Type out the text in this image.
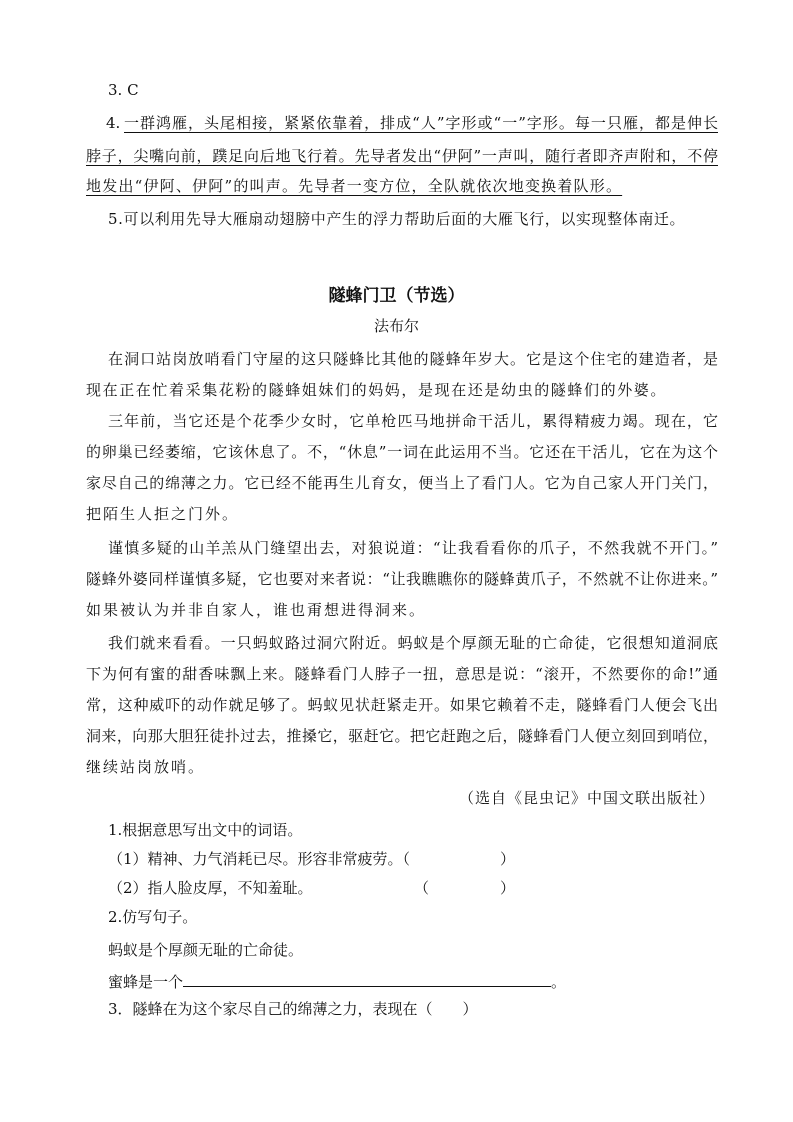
3. C
4. 一群鸿雁，头尾相接，紧紧依靠着，排成“人”字形或“一”字形。每一只雁，都是伸长
脖子，尖嘴向前，蹼足向后地飞行着。先导者发出“伊阿”一声叫，随行者即齐声附和，不停
地发出“伊阿、伊阿”的叫声。先导者一变方位，全队就依次地变换着队形。
5.可以利用先导大雁扇动翅膀中产生的浮力帮助后面的大雁飞行，以实现整体南迁。
隧蜂门卫（节选）
法布尔
在洞口站岗放哨看门守屋的这只隧蜂比其他的隧蜂年岁大。它是这个住宅的建造者，是
现在正在忙着采集花粉的隧蜂姐妹们的妈妈，是现在还是幼虫的隧蜂们的外婆。
三年前，当它还是个花季少女时，它单枪匹马地拼命干活儿，累得精疲力竭。现在，它
的卵巢已经萎缩，它该休息了。不，“休息”一词在此运用不当。它还在干活儿，它在为这个
家尽自己的绵薄之力。它已经不能再生儿育女，便当上了看门人。它为自己家人开门关门，
把陌生人拒之门外。
谨慎多疑的山羊羔从门缝望出去，对狼说道：“让我看看你的爪子，不然我就不开门。”
隧蜂外婆同样谨慎多疑，它也要对来者说：“让我瞧瞧你的隧蜂黄爪子，不然就不让你进来。”
如果被认为并非自家人，谁也甭想进得洞来。
我们就来看看。一只蚂蚁路过洞穴附近。蚂蚁是个厚颜无耻的亡命徒，它很想知道洞底
下为何有蜜的甜香味飘上来。隧蜂看门人脖子一扭，意思是说：“滚开，不然要你的命!”通
常，这种威吓的动作就足够了。蚂蚁见状赶紧走开。如果它赖着不走，隧蜂看门人便会飞出
洞来，向那大胆狂徒扑过去，推搡它，驱赶它。把它赶跑之后，隧蜂看门人便立刻回到哨位，
继续站岗放哨。
（选自《昆虫记》中国文联出版社）
1.根据意思写出文中的词语。
（1）精神、力气消耗已尽。形容非常疲劳。（	）
（2）指人脸皮厚，不知羞耻。	（	）
2.仿写句子。
蚂蚁是个厚颜无耻的亡命徒。
蜜蜂是一个	。
3．隧蜂在为这个家尽自己的绵薄之力，表现在（　　）
